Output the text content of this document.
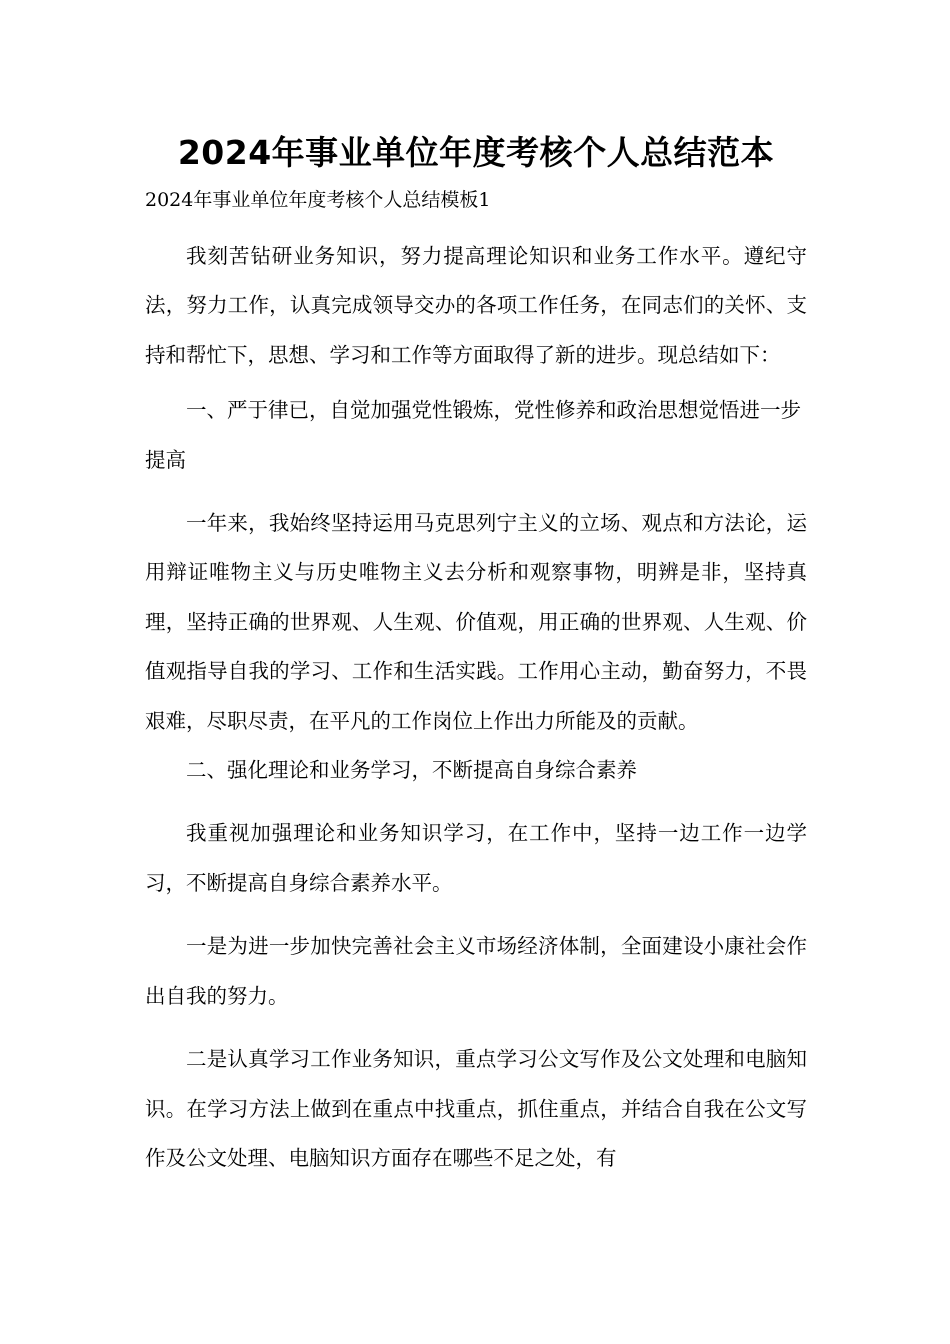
2024年事业单位年度考核个人总结范本
2024年事业单位年度考核个人总结模板1

我刻苦钻研业务知识，努力提高理论知识和业务工作水平。遵纪守法，努力工作，认真完成领导交办的各项工作任务，在同志们的关怀、支持和帮忙下，思想、学习和工作等方面取得了新的进步。现总结如下：

一、严于律已，自觉加强党性锻炼，党性修养和政治思想觉悟进一步提高

一年来，我始终坚持运用马克思列宁主义的立场、观点和方法论，运用辩证唯物主义与历史唯物主义去分析和观察事物，明辨是非，坚持真理，坚持正确的世界观、人生观、价值观，用正确的世界观、人生观、价值观指导自我的学习、工作和生活实践。工作用心主动，勤奋努力，不畏艰难，尽职尽责，在平凡的工作岗位上作出力所能及的贡献。

二、强化理论和业务学习，不断提高自身综合素养

我重视加强理论和业务知识学习，在工作中，坚持一边工作一边学习，不断提高自身综合素养水平。

一是为进一步加快完善社会主义市场经济体制，全面建设小康社会作出自我的努力。

二是认真学习工作业务知识，重点学习公文写作及公文处理和电脑知识。在学习方法上做到在重点中找重点，抓住重点，并结合自我在公文写作及公文处理、电脑知识方面存在哪些不足之处，有
